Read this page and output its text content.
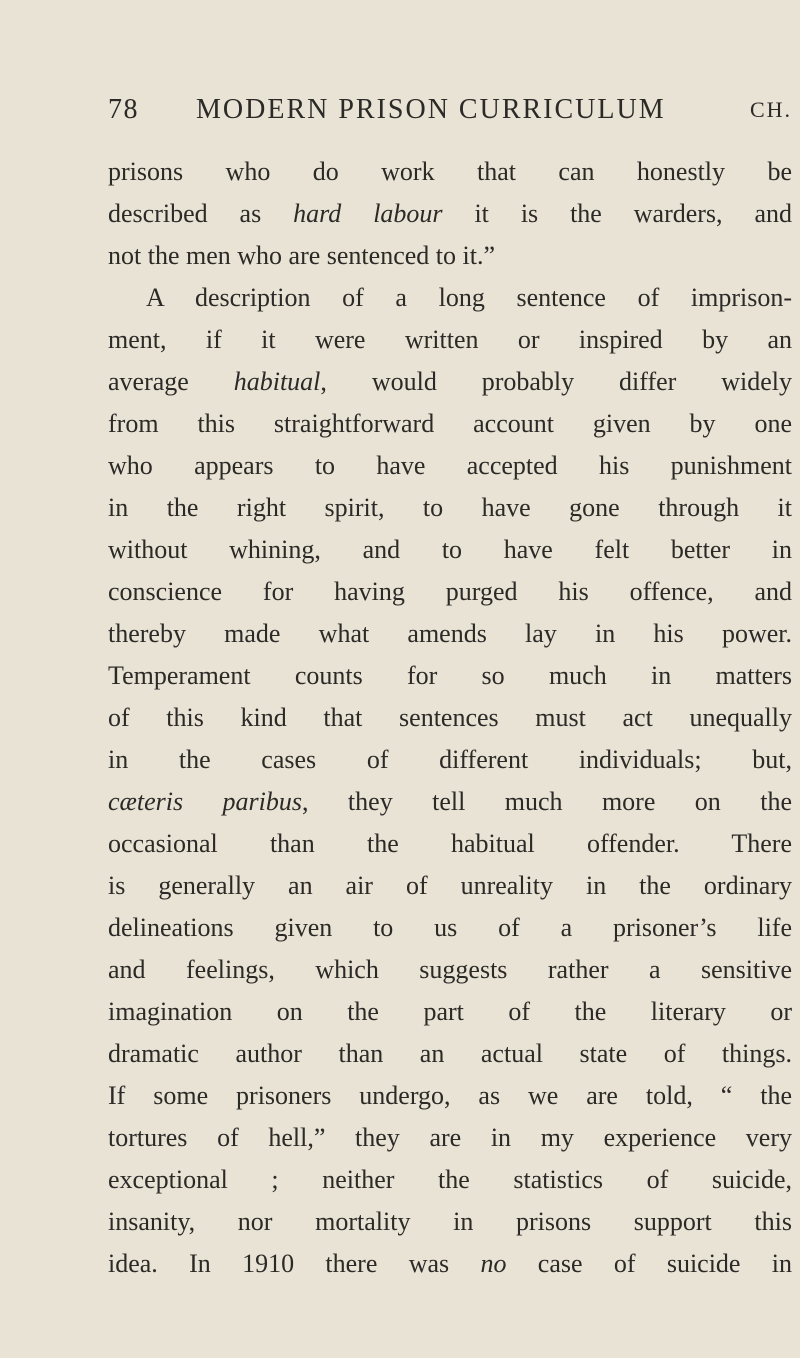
78 MODERN PRISON CURRICULUM	CH.
prisons who do work that can honestly be
described as hard labour it is the warders, and
not the men who are sentenced to it.”
A description of a long sentence of imprison-
ment, if it were written or inspired by an
average habitual, would probably differ widely
from this straightforward account given by one
who appears to have accepted his punishment
in the right spirit, to have gone through it
without whining, and to have felt better in
conscience for having purged his offence, and
thereby made what amends lay in his power.
Temperament counts for so much in matters
of this kind that sentences must act unequally
in the cases of different individuals; but,
cæteris paribus, they tell much more on the
occasional than the habitual offender. There
is generally an air of unreality in the ordinary
delineations given to us of a prisoner’s life
and feelings, which suggests rather a sensitive
imagination on the part of the literary or
dramatic author than an actual state of things.
If some prisoners undergo, as we are told, “ the
tortures of hell,” they are in my experience very
exceptional ; neither the statistics of suicide,
insanity, nor mortality in prisons support this
idea. In 1910 there was no case of suicide in
